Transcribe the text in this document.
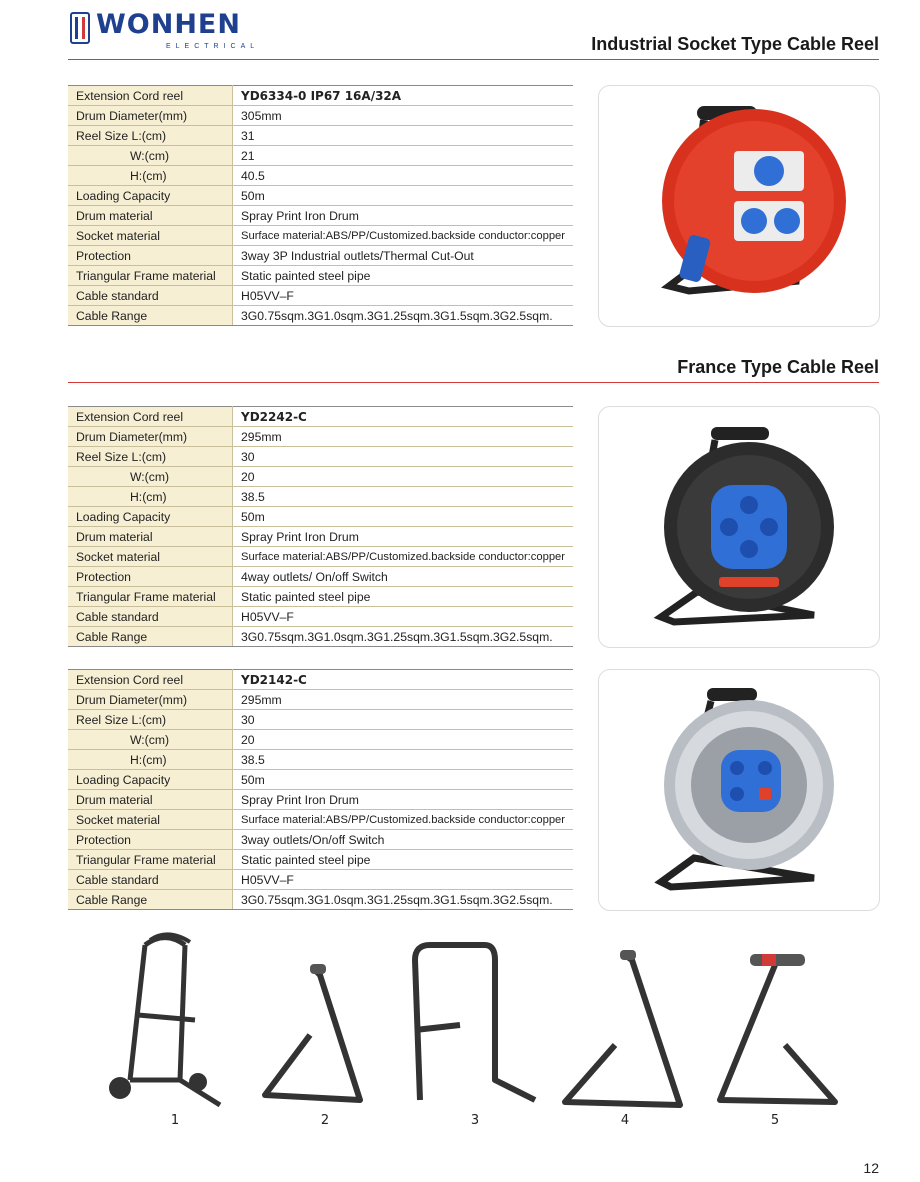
WONHEN
ELECTRICAL	Industrial Socket Type Cable Reel
Extension Cord reel	YD6334-0 IP67 16A/32A
Drum Diameter(mm)	305mm
Reel Size L:(cm)	31
W:(cm)	21
H:(cm)	40.5
Loading Capacity	50m
Drum material	Spray Print Iron Drum
Socket material	Surface material:ABS/PP/Customized.backside conductor:copper
Protection	3way 3P Industrial outlets/Thermal Cut-Out
Triangular Frame material	Static painted steel pipe
Cable standard	H05VV–F
Cable Range	3G0.75sqm.3G1.0sqm.3G1.25sqm.3G1.5sqm.3G2.5sqm.
France Type Cable Reel
Extension Cord reel	YD2242-C
Drum Diameter(mm)	295mm
Reel Size L:(cm)	30
W:(cm)	20
H:(cm)	38.5
Loading Capacity	50m
Drum material	Spray Print Iron Drum
Socket material	Surface material:ABS/PP/Customized.backside conductor:copper
Protection	4way outlets/ On/off Switch
Triangular Frame material	Static painted steel pipe
Cable standard	H05VV–F
Cable Range	3G0.75sqm.3G1.0sqm.3G1.25sqm.3G1.5sqm.3G2.5sqm.
Extension Cord reel	YD2142-C
Drum Diameter(mm)	295mm
Reel Size L:(cm)	30
W:(cm)	20
H:(cm)	38.5
Loading Capacity	50m
Drum material	Spray Print Iron Drum
Socket material	Surface material:ABS/PP/Customized.backside conductor:copper
Protection	3way outlets/On/off Switch
Triangular Frame material	Static painted steel pipe
Cable standard	H05VV–F
Cable Range	3G0.75sqm.3G1.0sqm.3G1.25sqm.3G1.5sqm.3G2.5sqm.
1	2	3	4	5
12
